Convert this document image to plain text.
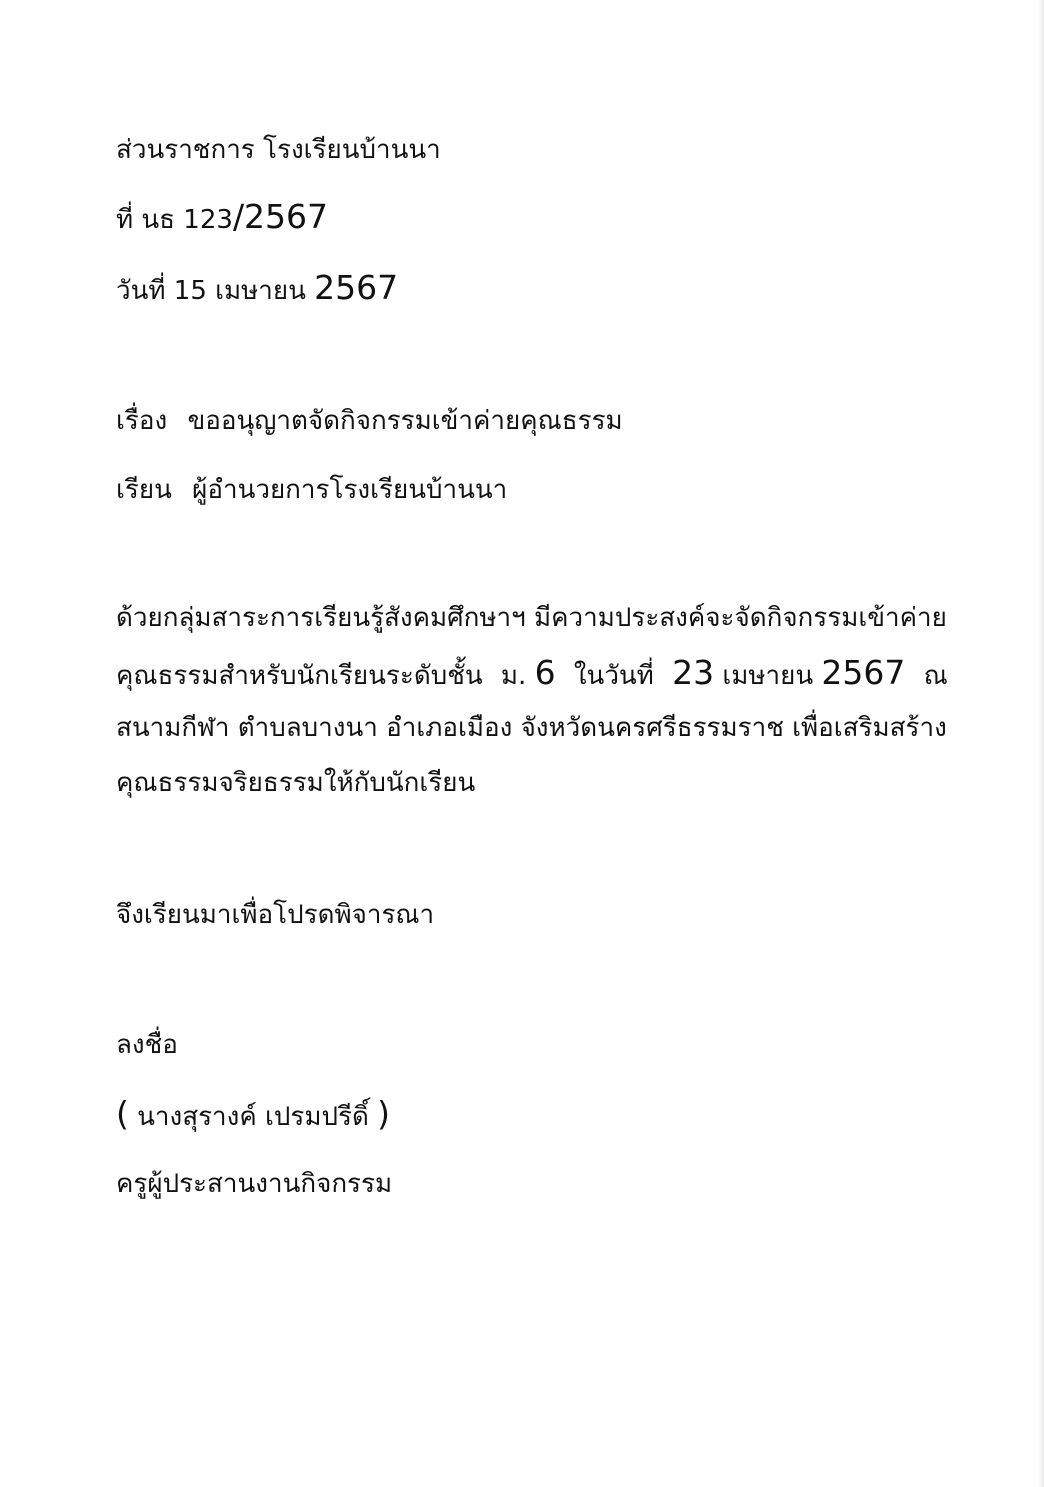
ส่วนราชการ โรงเรียนบ้านนา
ที่ นธ 123/2567
วันที่ 15 เมษายน 2567
เรื่อง ขออนุญาตจัดกิจกรรมเข้าค่ายคุณธรรม
เรียน ผู้อำนวยการโรงเรียนบ้านนา
ด้วยกลุ่มสาระการเรียนรู้สังคมศึกษาฯ มีความประสงค์จะจัดกิจกรรมเข้าค่าย
คุณธรรมสำหรับนักเรียนระดับชั้น ม. 6 ในวันที่ 23 เมษายน 2567 ณ
สนามกีฬา ตำบลบางนา อำเภอเมือง จังหวัดนครศรีธรรมราช เพื่อเสริมสร้าง
คุณธรรมจริยธรรมให้กับนักเรียน
จึงเรียนมาเพื่อโปรดพิจารณา
ลงชื่อ
( นางสุรางค์ เปรมปรีดิ์ )
ครูผู้ประสานงานกิจกรรม
